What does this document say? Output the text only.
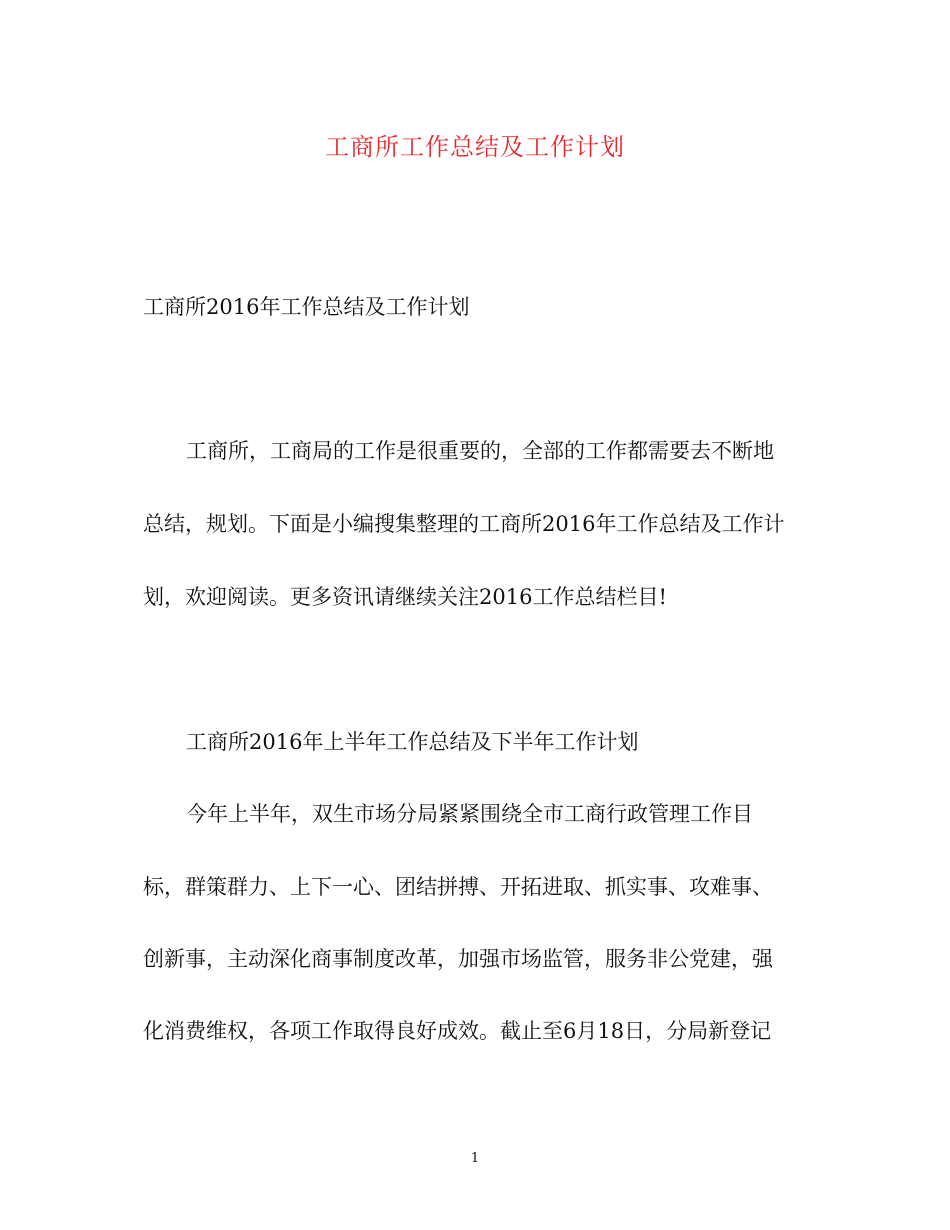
工商所工作总结及工作计划
工商所2016年工作总结及工作计划
工商所，工商局的工作是很重要的，全部的工作都需要去不断地
总结，规划。下面是小编搜集整理的工商所2016年工作总结及工作计
划，欢迎阅读。更多资讯请继续关注2016工作总结栏目!
工商所2016年上半年工作总结及下半年工作计划
今年上半年，双生市场分局紧紧围绕全市工商行政管理工作目
标，群策群力、上下一心、团结拼搏、开拓进取、抓实事、攻难事、
创新事，主动深化商事制度改革，加强市场监管，服务非公党建，强
化消费维权，各项工作取得良好成效。截止至6月18日，分局新登记
1
